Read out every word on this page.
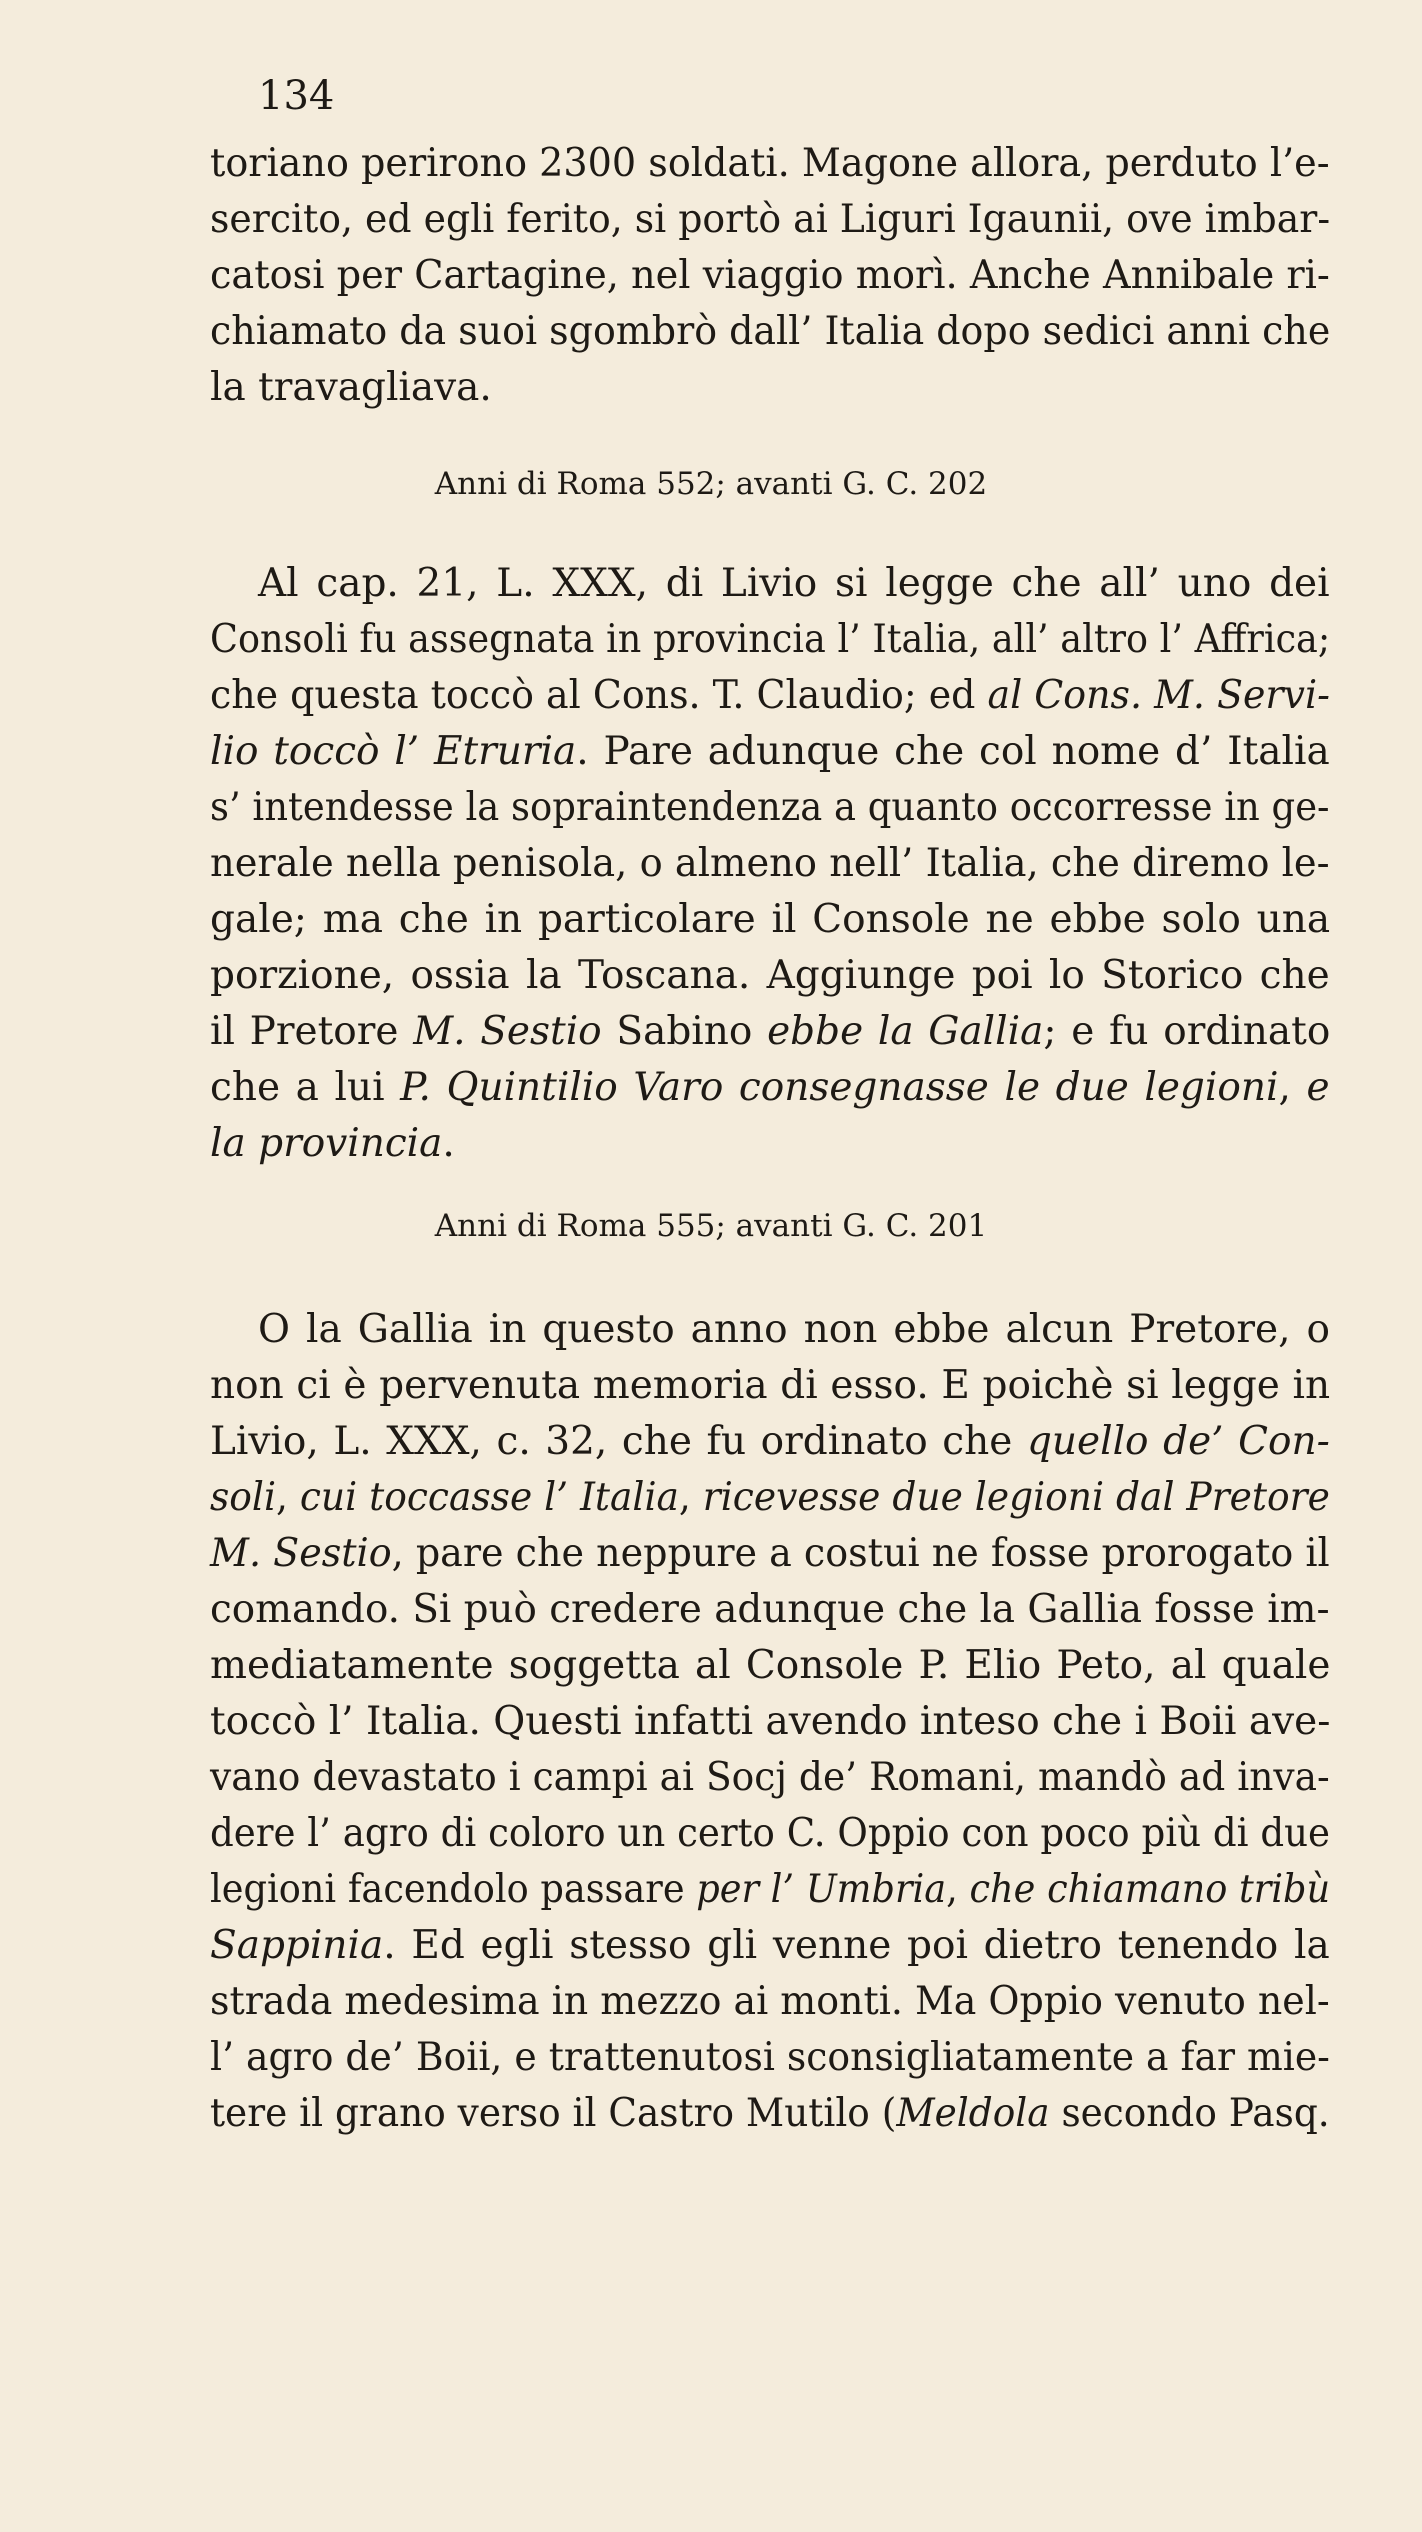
134
toriano perirono 2300 soldati. Magone allora, perduto l’e-
sercito, ed egli ferito, si portò ai Liguri Igaunii, ove imbar-
catosi per Cartagine, nel viaggio morì. Anche Annibale ri-
chiamato da suoi sgombrò dall’ Italia dopo sedici anni che
la travagliava.
Anni di Roma 552; avanti G. C. 202
Al cap. 21, L. XXX, di Livio si legge che all’ uno dei
Consoli fu assegnata in provincia l’ Italia, all’ altro l’ Affrica;
che questa toccò al Cons. T. Claudio; ed al Cons. M. Servi-
lio toccò l’ Etruria. Pare adunque che col nome d’ Italia
s’ intendesse la sopraintendenza a quanto occorresse in ge-
nerale nella penisola, o almeno nell’ Italia, che diremo le-
gale; ma che in particolare il Console ne ebbe solo una
porzione, ossia la Toscana. Aggiunge poi lo Storico che
il Pretore M. Sestio Sabino ebbe la Gallia; e fu ordinato
che a lui P. Quintilio Varo consegnasse le due legioni, e
la provincia.
Anni di Roma 555; avanti G. C. 201
O la Gallia in questo anno non ebbe alcun Pretore, o
non ci è pervenuta memoria di esso. E poichè si legge in
Livio, L. XXX, c. 32, che fu ordinato che quello de’ Con-
soli, cui toccasse l’ Italia, ricevesse due legioni dal Pretore
M. Sestio, pare che neppure a costui ne fosse prorogato il
comando. Si può credere adunque che la Gallia fosse im-
mediatamente soggetta al Console P. Elio Peto, al quale
toccò l’ Italia. Questi infatti avendo inteso che i Boii ave-
vano devastato i campi ai Socj de’ Romani, mandò ad inva-
dere l’ agro di coloro un certo C. Oppio con poco più di due
legioni facendolo passare per l’ Umbria, che chiamano tribù
Sappinia. Ed egli stesso gli venne poi dietro tenendo la
strada medesima in mezzo ai monti. Ma Oppio venuto nel-
l’ agro de’ Boii, e trattenutosi sconsigliatamente a far mie-
tere il grano verso il Castro Mutilo (Meldola secondo Pasq.
